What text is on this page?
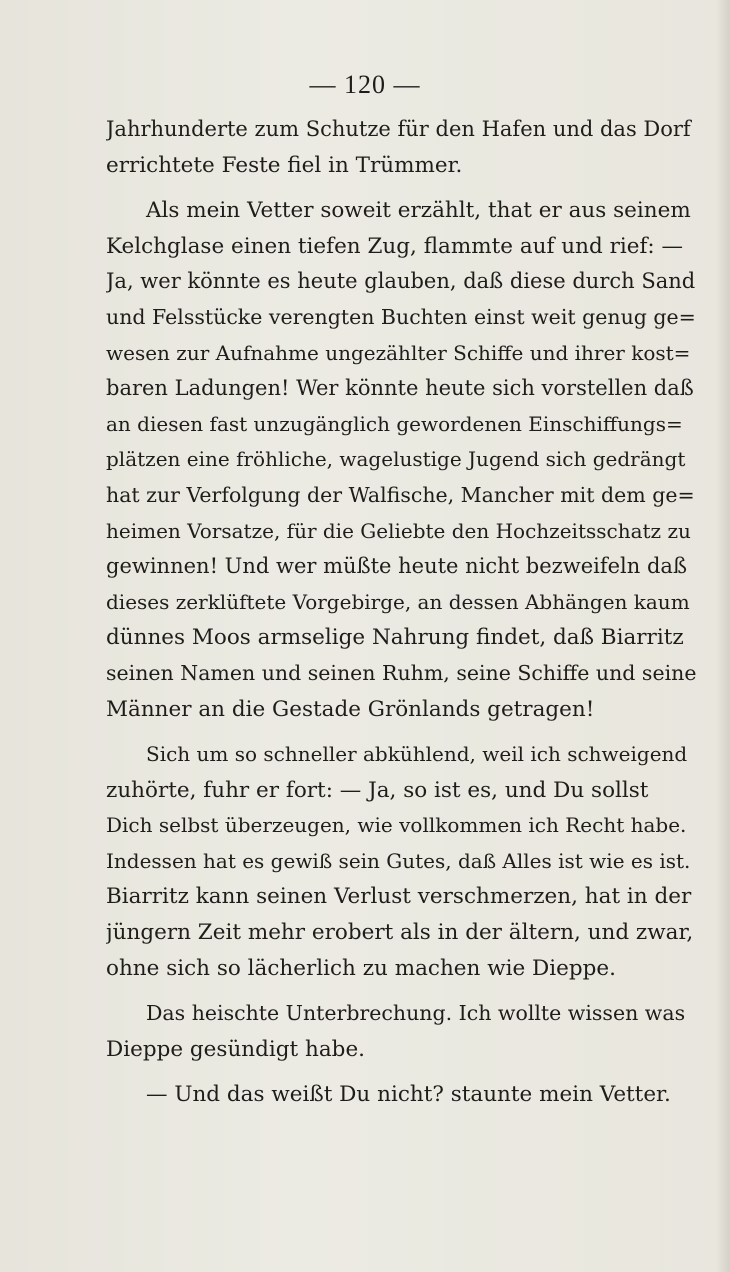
— 120 —
Jahrhunderte zum Schutze für den Hafen und das Dorf
errichtete Feste fiel in Trümmer.
Als mein Vetter soweit erzählt, that er aus seinem
Kelchglase einen tiefen Zug, flammte auf und rief: —
Ja, wer könnte es heute glauben, daß diese durch Sand
und Felsstücke verengten Buchten einst weit genug ge=
wesen zur Aufnahme ungezählter Schiffe und ihrer kost=
baren Ladungen! Wer könnte heute sich vorstellen daß
an diesen fast unzugänglich gewordenen Einschiffungs=
plätzen eine fröhliche, wagelustige Jugend sich gedrängt
hat zur Verfolgung der Walfische, Mancher mit dem ge=
heimen Vorsatze, für die Geliebte den Hochzeitsschatz zu
gewinnen! Und wer müßte heute nicht bezweifeln daß
dieses zerklüftete Vorgebirge, an dessen Abhängen kaum
dünnes Moos armselige Nahrung findet, daß Biarritz
seinen Namen und seinen Ruhm, seine Schiffe und seine
Männer an die Gestade Grönlands getragen!
Sich um so schneller abkühlend, weil ich schweigend
zuhörte, fuhr er fort: — Ja, so ist es, und Du sollst
Dich selbst überzeugen, wie vollkommen ich Recht habe.
Indessen hat es gewiß sein Gutes, daß Alles ist wie es ist.
Biarritz kann seinen Verlust verschmerzen, hat in der
jüngern Zeit mehr erobert als in der ältern, und zwar,
ohne sich so lächerlich zu machen wie Dieppe.
Das heischte Unterbrechung. Ich wollte wissen was
Dieppe gesündigt habe.
— Und das weißt Du nicht? staunte mein Vetter.
